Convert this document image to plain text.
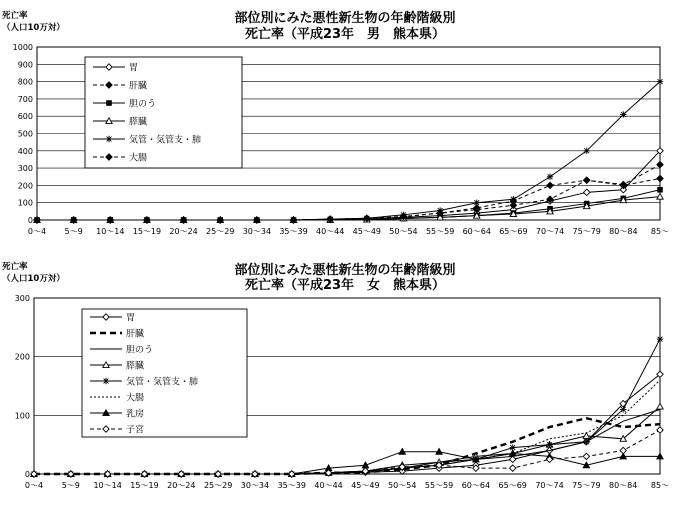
部位別にみた悪性新生物の年齢階級別
死亡率（平成23年　男　熊本県）
死亡率
（人口10万対）
0
100
200
300
400
500
600
700
800
900
1000
0～4 5～9 10～14 15～19 20～24 25～29 30～34 35～39 40～44 45～49 50～54 55～59 60～64 65～69 70～74 75～79 80～84 85～
胃
肝臓
胆のう
膵臓
気管・気管支・肺
大腸
部位別にみた悪性新生物の年齢階級別
死亡率（平成23年　女　熊本県）
死亡率
（人口10万対）
0
100
200
300
0～4 5～9 10～14 15～19 20～24 25～29 30～34 35～39 40～44 45～49 50～54 55～59 60～64 65～69 70～74 75～79 80～84 85～
胃
肝臓
胆のう
膵臓
気管・気管支・肺
大腸
乳房
子宮
